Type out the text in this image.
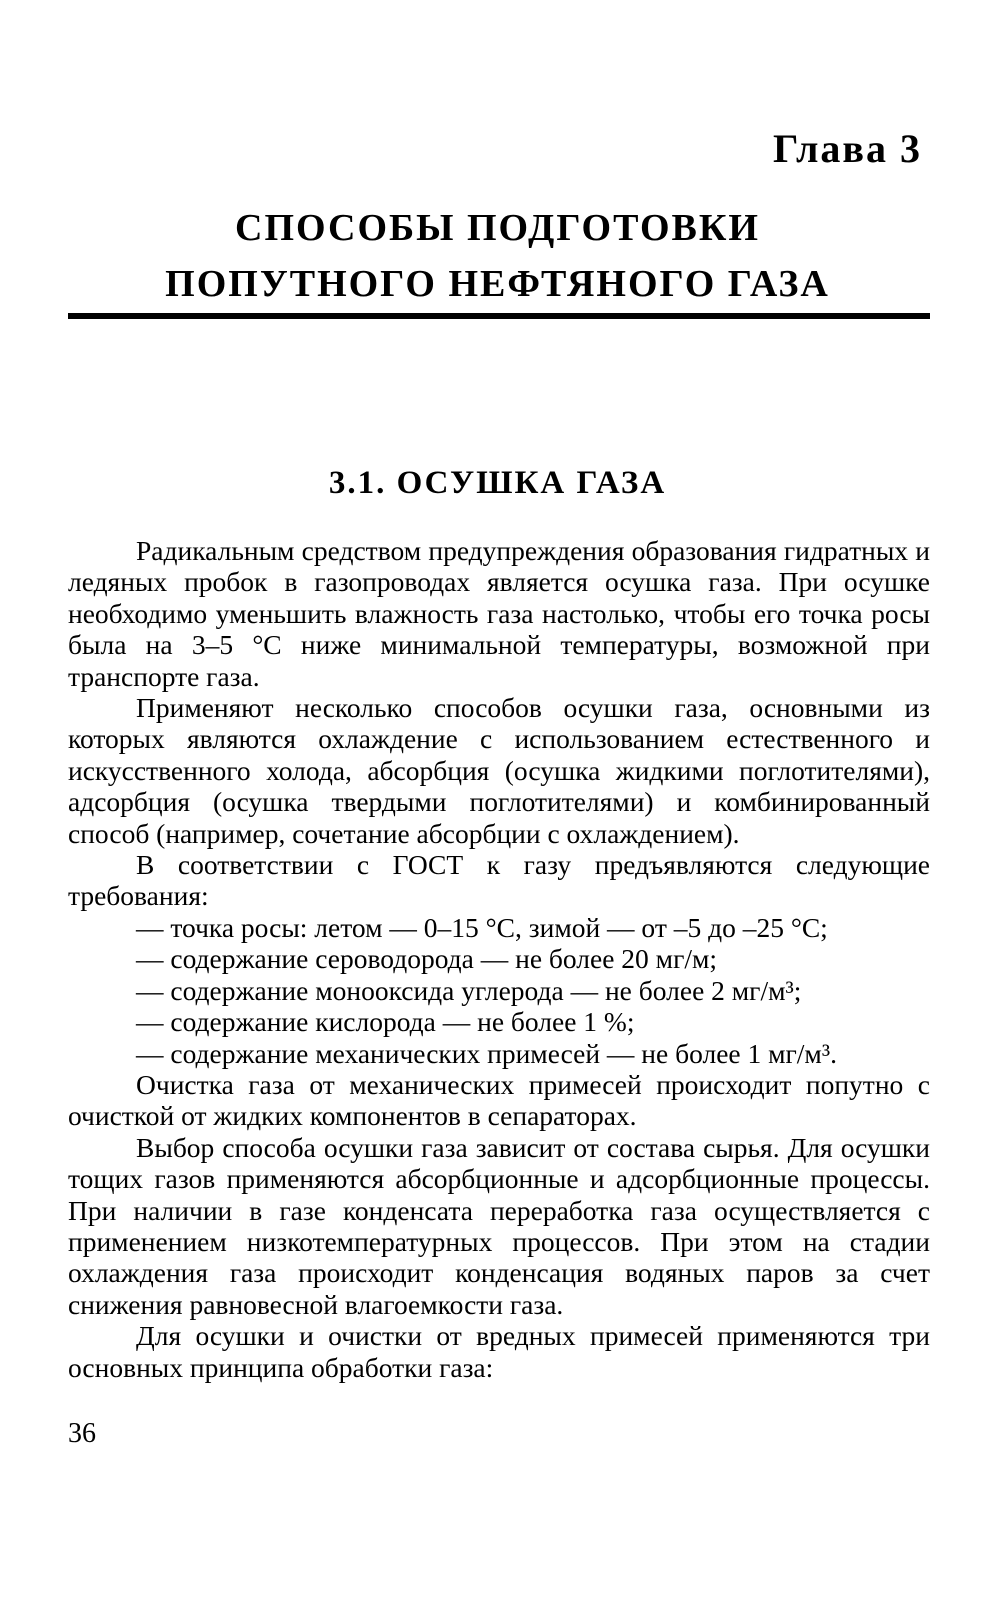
Глава 3
СПОСОБЫ ПОДГОТОВКИ
ПОПУТНОГО НЕФТЯНОГО ГАЗА
3.1. ОСУШКА ГАЗА

Радикальным средством предупреждения образования гидратных и ледяных пробок в газопроводах является осушка газа. При осушке необходимо уменьшить влажность газа настолько, чтобы его точка росы была на 3–5 °С ниже минимальной температуры, возможной при транспорте газа.

Применяют несколько способов осушки газа, основными из которых являются охлаждение с использованием естественного и искусственного холода, абсорбция (осушка жидкими поглотителями), адсорбция (осушка твердыми поглотителями) и комбинированный способ (например, сочетание абсорбции с охлаждением).

В соответствии с ГОСТ к газу предъявляются следующие требования:

— точка росы: летом — 0–15 °С, зимой — от –5 до –25 °С;
— содержание сероводорода — не более 20 мг/м;
— содержание монооксида углерода — не более 2 мг/м³;
— содержание кислорода — не более 1 %;
— содержание механических примесей — не более 1 мг/м³.

Очистка газа от механических примесей происходит попутно с очисткой от жидких компонентов в сепараторах.

Выбор способа осушки газа зависит от состава сырья. Для осушки тощих газов применяются абсорбционные и адсорбционные процессы. При наличии в газе конденсата переработка газа осуществляется с применением низкотемпературных процессов. При этом на стадии охлаждения газа происходит конденсация водяных паров за счет снижения равновесной влагоемкости газа.

Для осушки и очистки от вредных примесей применяются три основных принципа обработки газа:

36
